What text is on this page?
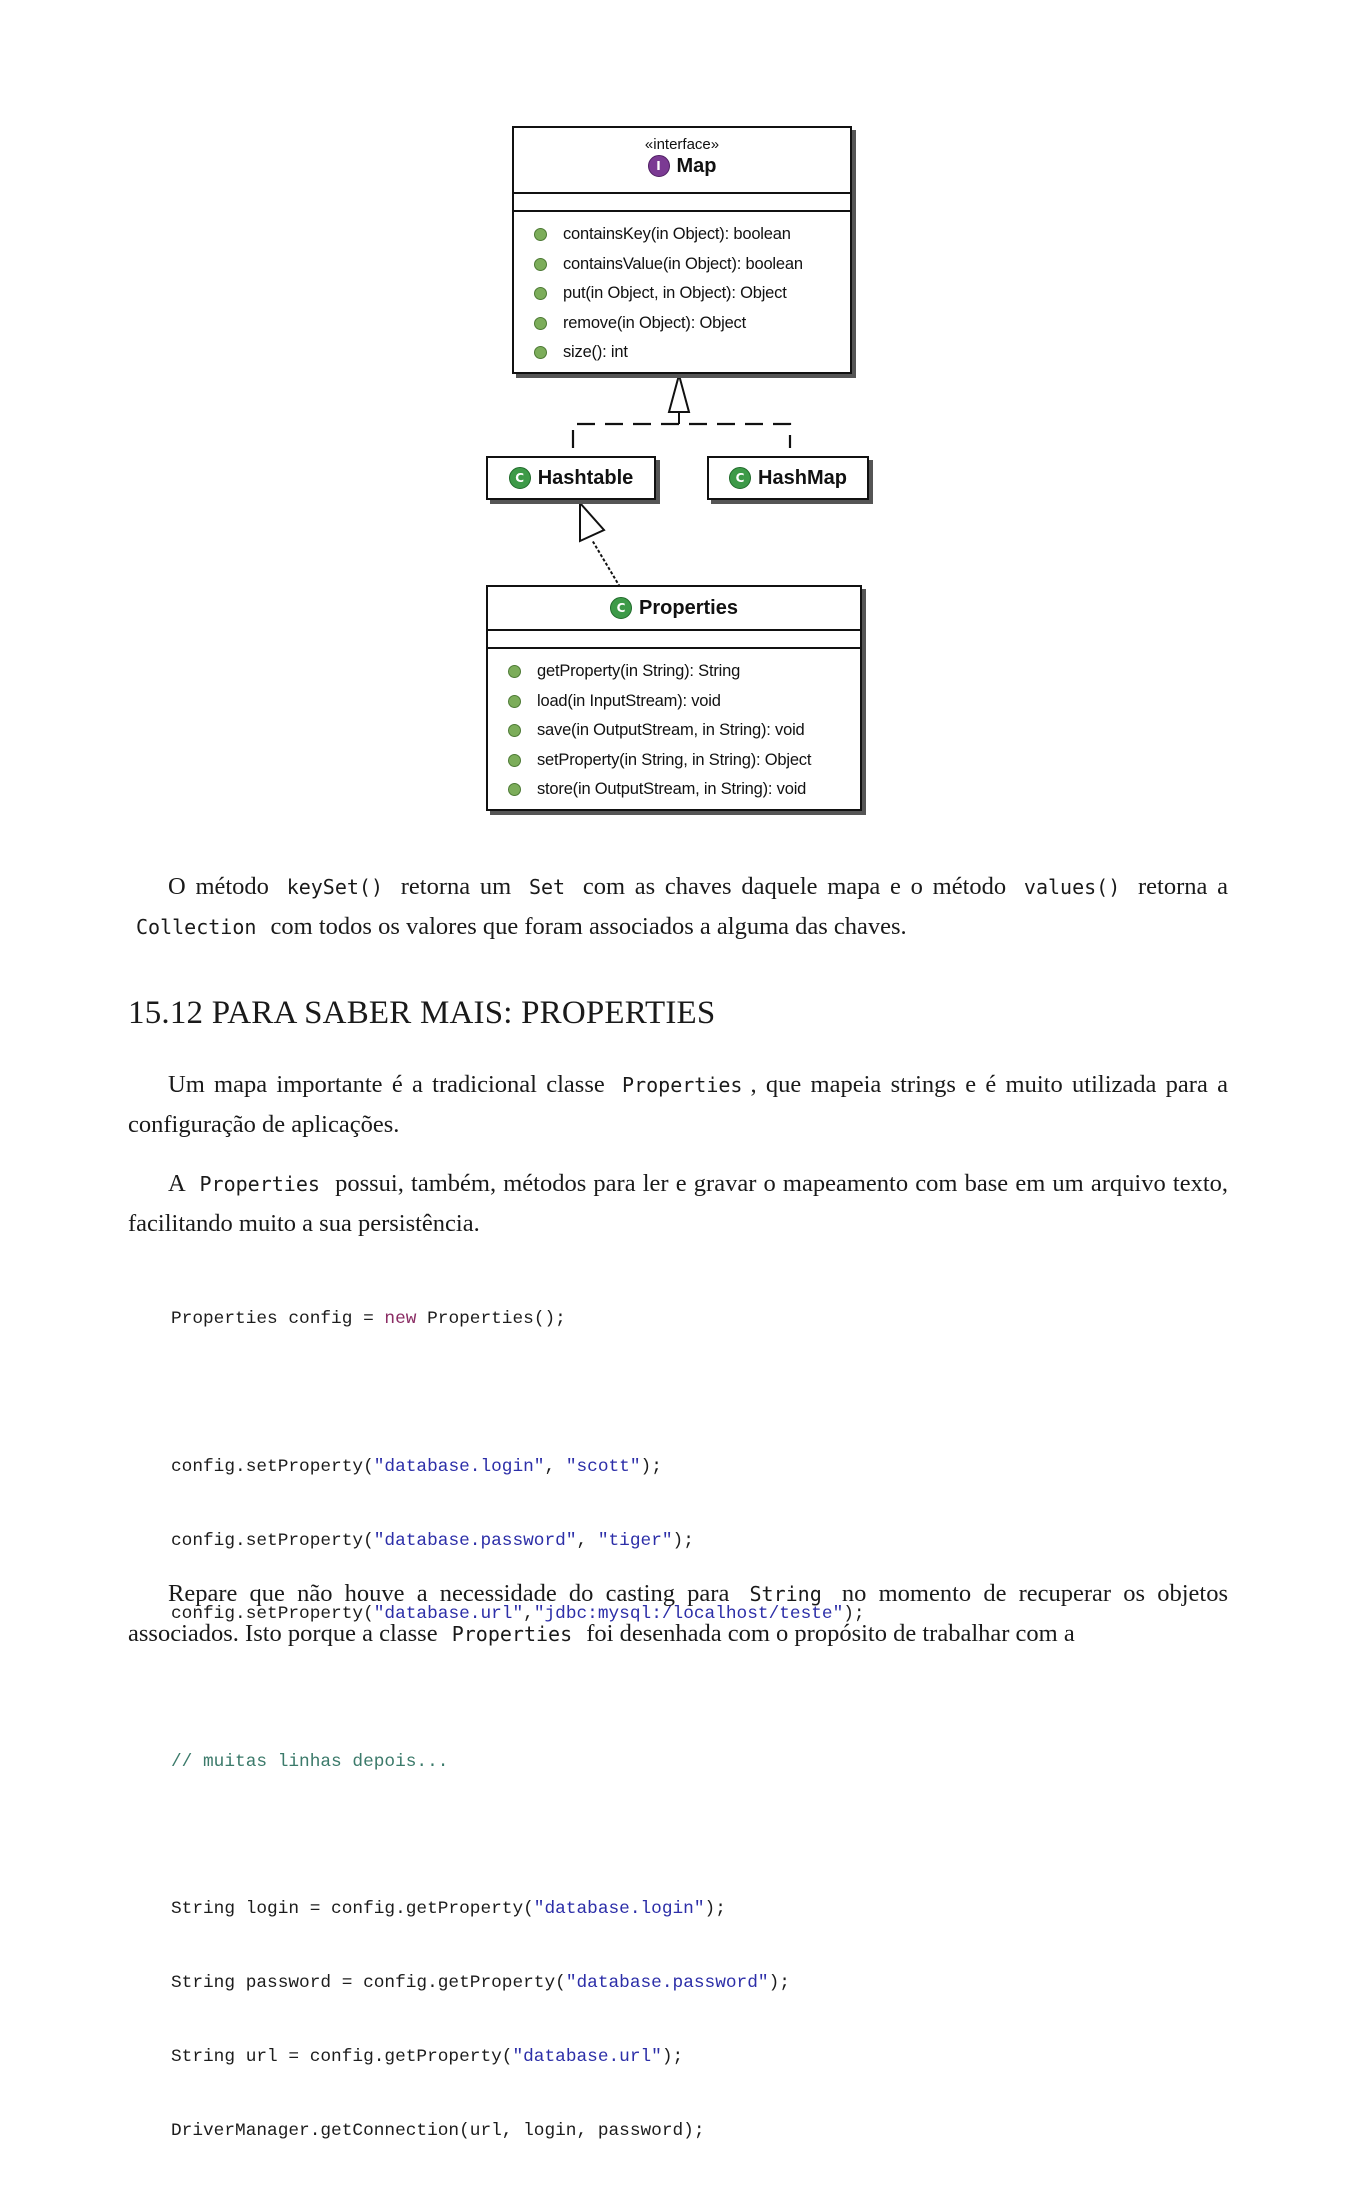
«interface»
I Map
containsKey(in Object): boolean
containsValue(in Object): boolean
put(in Object, in Object): Object
remove(in Object): Object
size(): int
C Hashtable	C HashMap
C Properties
getProperty(in String): String
load(in InputStream): void
save(in OutputStream, in String): void
setProperty(in String, in String): Object
store(in OutputStream, in String): void

O método keySet() retorna um Set com as chaves daquele mapa e o método values() retorna a Collection com todos os valores que foram associados a alguma das chaves.

15.12 PARA SABER MAIS: PROPERTIES

Um mapa importante é a tradicional classe Properties , que mapeia strings e é muito utilizada para a configuração de aplicações.

A Properties possui, também, métodos para ler e gravar o mapeamento com base em um arquivo texto, facilitando muito a sua persistência.

Properties config = new Properties();

config.setProperty("database.login", "scott");

config.setProperty("database.password", "tiger");

config.setProperty("database.url","jdbc:mysql:/localhost/teste");

// muitas linhas depois...

String login = config.getProperty("database.login");

String password = config.getProperty("database.password");

String url = config.getProperty("database.url");

DriverManager.getConnection(url, login, password);

Repare que não houve a necessidade do casting para String no momento de recuperar os objetos associados. Isto porque a classe Properties foi desenhada com o propósito de trabalhar com a
